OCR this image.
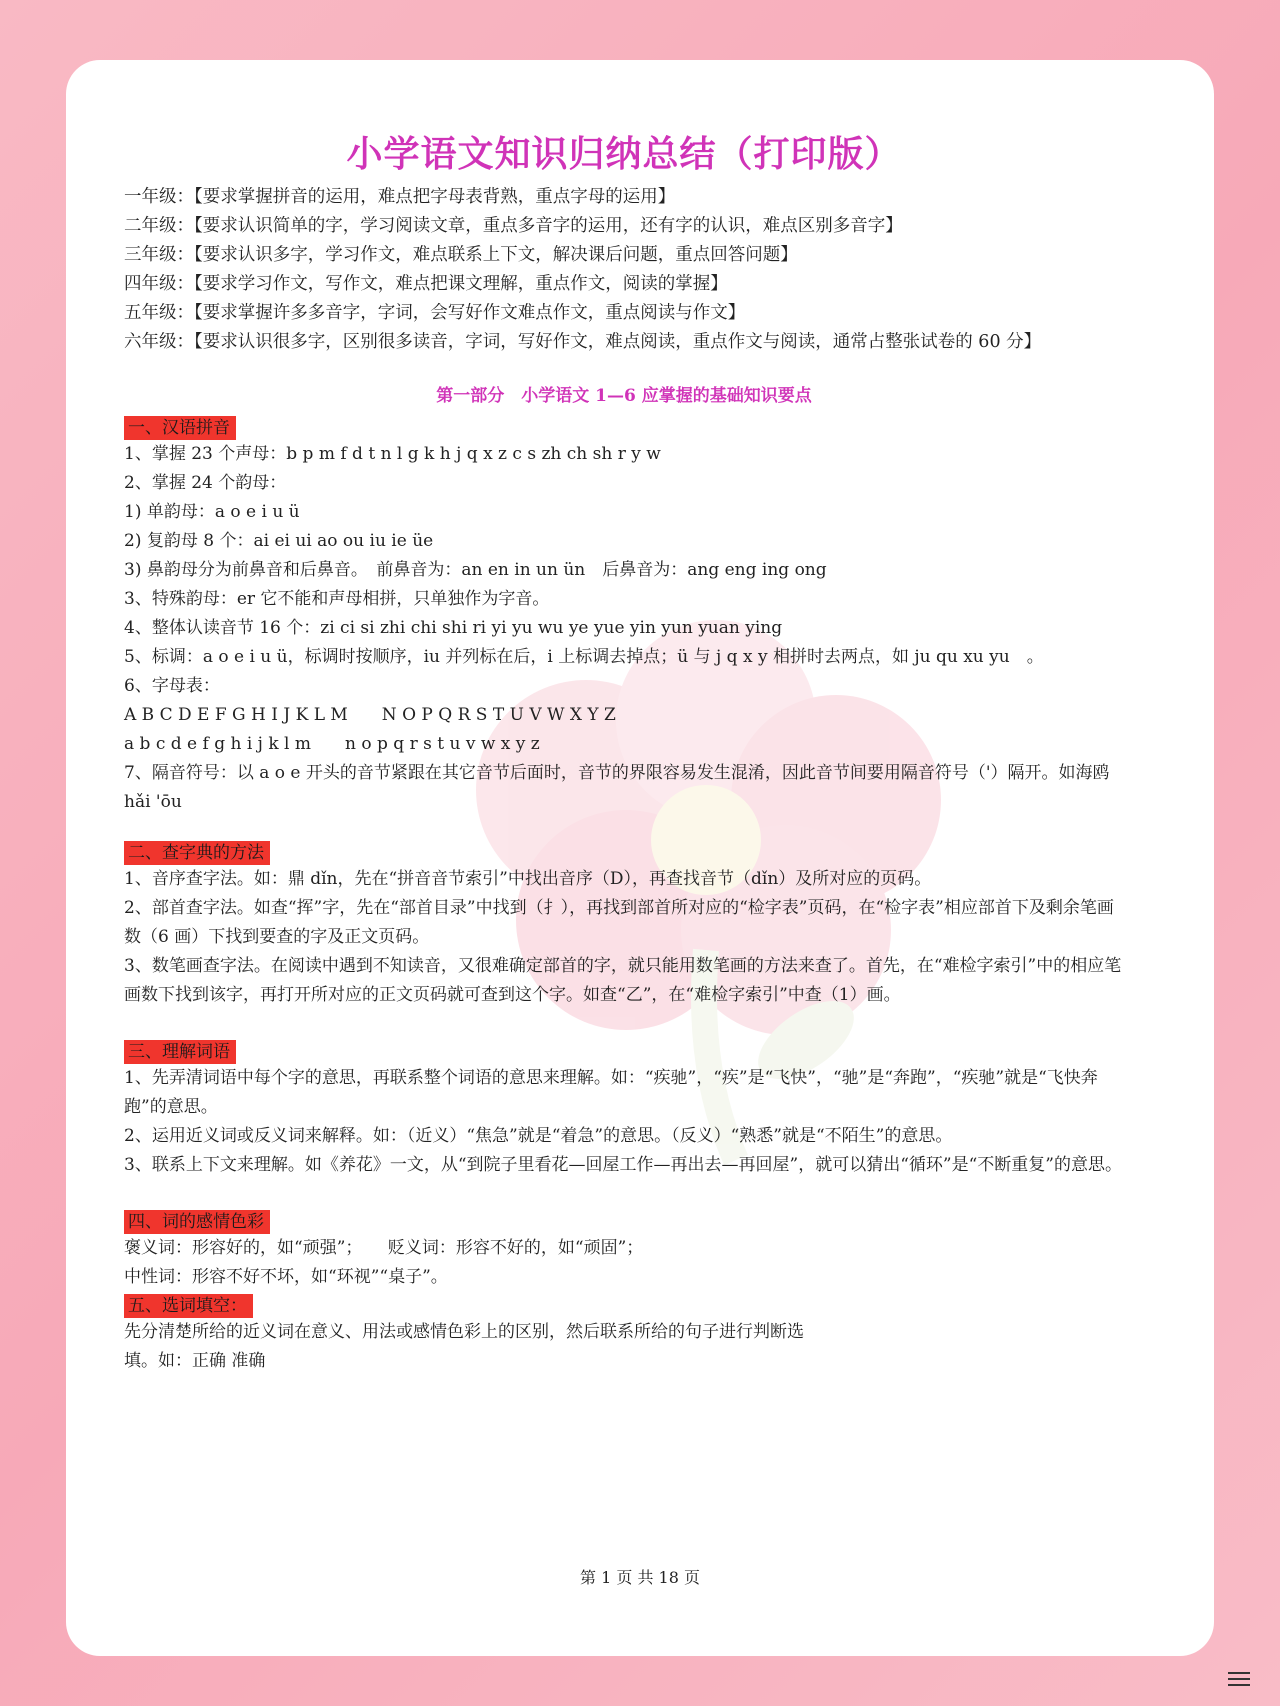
小学语文知识归纳总结（打印版）
一年级：【要求掌握拼音的运用，难点把字母表背熟，重点字母的运用】
二年级：【要求认识简单的字，学习阅读文章，重点多音字的运用，还有字的认识，难点区别多音字】
三年级：【要求认识多字，学习作文，难点联系上下文，解决课后问题，重点回答问题】
四年级：【要求学习作文，写作文，难点把课文理解，重点作文，阅读的掌握】
五年级：【要求掌握许多多音字，字词，会写好作文难点作文，重点阅读与作文】
六年级：【要求认识很多字，区别很多读音，字词，写好作文，难点阅读，重点作文与阅读，通常占整张试卷的 60 分】
第一部分　小学语文 1—6 应掌握的基础知识要点
一、汉语拼音
1、掌握 23 个声母：b p m f d t n l g k h j q x z c s zh ch sh r y w
2、掌握 24 个韵母：
1) 单韵母：a o e i u ü
2) 复韵母 8 个：ai ei ui ao ou iu ie üe
3) 鼻韵母分为前鼻音和后鼻音。　前鼻音为：an en in un ün　后鼻音为：ang eng ing ong
3、特殊韵母：er 它不能和声母相拼，只单独作为字音。
4、整体认读音节 16 个：zi ci si zhi chi shi ri yi yu wu ye yue yin yun yuan ying
5、标调：a o e i u ü，标调时按顺序，iu 并列标在后，i 上标调去掉点；ü 与 j q x y 相拼时去两点，如 ju qu xu yu　。
6、字母表：
A B C D E F G H I J K L M　　N O P Q R S T U V W X Y Z
a b c d e f g h i j k l m　　n o p q r s t u v w x y z
7、隔音符号：以 a o e 开头的音节紧跟在其它音节后面时，音节的界限容易发生混淆，因此音节间要用隔音符号（'）隔开。如海鸥 hǎi 'ōu
二、查字典的方法
1、音序查字法。如：鼎 dǐn，先在“拼音音节索引”中找出音序（D），再查找音节（dǐn）及所对应的页码。
2、部首查字法。如查“挥”字，先在“部首目录”中找到（扌），再找到部首所对应的“检字表”页码，在“检字表”相应部首下及剩余笔画数（6 画）下找到要查的字及正文页码。
3、数笔画查字法。在阅读中遇到不知读音，又很难确定部首的字，就只能用数笔画的方法来查了。首先，在“难检字索引”中的相应笔画数下找到该字，再打开所对应的正文页码就可查到这个字。如查“乙”，在“难检字索引”中查（1）画。
三、理解词语
1、先弄清词语中每个字的意思，再联系整个词语的意思来理解。如：“疾驰”，“疾”是“飞快”，“驰”是“奔跑”，“疾驰”就是“飞快奔跑”的意思。
2、运用近义词或反义词来解释。如：（近义）“焦急”就是“着急”的意思。（反义）“熟悉”就是“不陌生”的意思。
3、联系上下文来理解。如《养花》一文，从“到院子里看花—回屋工作—再出去—再回屋”，就可以猜出“循环”是“不断重复”的意思。
四、词的感情色彩
褒义词：形容好的，如“顽强”；　　贬义词：形容不好的，如“顽固”；
中性词：形容不好不坏，如“环视”“桌子”。
五、选词填空：
先分清楚所给的近义词在意义、用法或感情色彩上的区别，然后联系所给的句子进行判断选
填。如：正确 准确
第 1 页 共 18 页
